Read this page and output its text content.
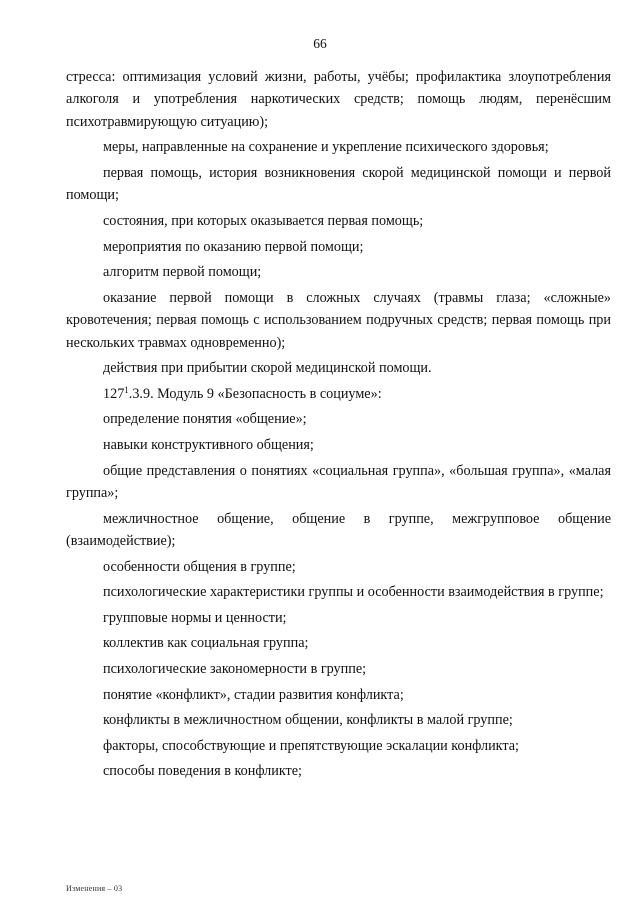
66

стресса: оптимизация условий жизни, работы, учёбы; профилактика злоупотребления алкоголя и употребления наркотических средств; помощь людям, перенёсшим психотравмирующую ситуацию);

меры, направленные на сохранение и укрепление психического здоровья;

первая помощь, история возникновения скорой медицинской помощи и первой помощи;

состояния, при которых оказывается первая помощь;

мероприятия по оказанию первой помощи;

алгоритм первой помощи;

оказание первой помощи в сложных случаях (травмы глаза; «сложные» кровотечения; первая помощь с использованием подручных средств; первая помощь при нескольких травмах одновременно);

действия при прибытии скорой медицинской помощи.

$127^1.3.9$. Модуль 9 «Безопасность в социуме»:

определение понятия «общение»;

навыки конструктивного общения;

общие представления о понятиях «социальная группа», «большая группа», «малая группа»;

межличностное общение, общение в группе, межгрупповое общение (взаимодействие);

особенности общения в группе;

психологические характеристики группы и особенности взаимодействия в группе;

групповые нормы и ценности;

коллектив как социальная группа;

психологические закономерности в группе;

понятие «конфликт», стадии развития конфликта;

конфликты в межличностном общении, конфликты в малой группе;

факторы, способствующие и препятствующие эскалации конфликта;

способы поведения в конфликте;

Изменения – 03
